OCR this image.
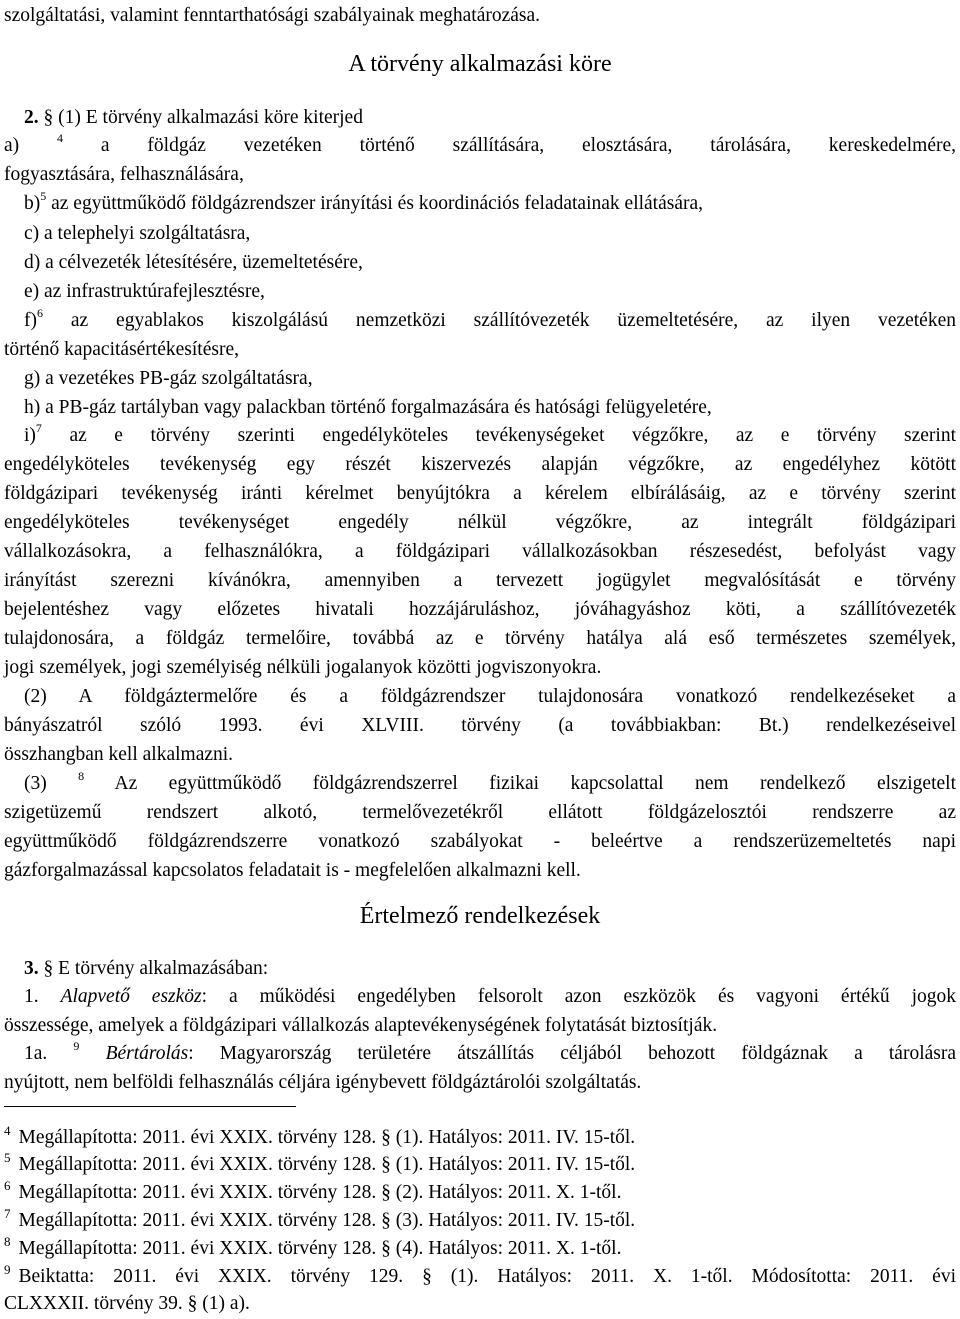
szolgáltatási, valamint fenntarthatósági szabályainak meghatározása.
A törvény alkalmazási köre
2. § (1) E törvény alkalmazási köre kiterjed
a)	$^4$ a földgáz vezetéken történő szállítására, elosztására, tárolására, kereskedelmére,
fogyasztására, felhasználására,
b)$^5$ az együttműködő földgázrendszer irányítási és koordinációs feladatainak ellátására,
c) a telephelyi szolgáltatásra,
d) a célvezeték létesítésére, üzemeltetésére,
e) az infrastruktúrafejlesztésre,
f)$^6$ az egyablakos kiszolgálású nemzetközi szállítóvezeték üzemeltetésére, az ilyen vezetéken
történő kapacitásértékesítésre,
g) a vezetékes PB-gáz szolgáltatásra,
h) a PB-gáz tartályban vagy palackban történő forgalmazására és hatósági felügyeletére,
i)$^7$ az e törvény szerinti engedélyköteles tevékenységeket végzőkre, az e törvény szerint
engedélyköteles tevékenység egy részét kiszervezés alapján végzőkre, az engedélyhez kötött
földgázipari tevékenység iránti kérelmet benyújtókra a kérelem elbírálásáig, az e törvény szerint
engedélyköteles tevékenységet engedély nélkül végzőkre, az integrált földgázipari
vállalkozásokra, a felhasználókra, a földgázipari vállalkozásokban részesedést, befolyást vagy
irányítást szerezni kívánókra, amennyiben a tervezett jogügylet megvalósítását e törvény
bejelentéshez vagy előzetes hivatali hozzájáruláshoz, jóváhagyáshoz köti, a szállítóvezeték
tulajdonosára, a földgáz termelőire, továbbá az e törvény hatálya alá eső természetes személyek,
jogi személyek, jogi személyiség nélküli jogalanyok közötti jogviszonyokra.
(2) A földgáztermelőre és a földgázrendszer tulajdonosára vonatkozó rendelkezéseket a
bányászatról szóló 1993. évi XLVIII. törvény (a továbbiakban: Bt.) rendelkezéseivel
összhangban kell alkalmazni.
(3)	$^8$ Az együttműködő földgázrendszerrel fizikai kapcsolattal nem rendelkező elszigetelt
szigetüzemű rendszert alkotó, termelővezetékről ellátott földgázelosztói rendszerre az
együttműködő földgázrendszerre vonatkozó szabályokat - beleértve a rendszerüzemeltetés napi
gázforgalmazással kapcsolatos feladatait is - megfelelően alkalmazni kell.
Értelmező rendelkezések
3. § E törvény alkalmazásában:
1. Alapvető eszköz: a működési engedélyben felsorolt azon eszközök és vagyoni értékű jogok
összessége, amelyek a földgázipari vállalkozás alaptevékenységének folytatását biztosítják.
1a. $^9$ Bértárolás: Magyarország területére átszállítás céljából behozott földgáznak a tárolásra
nyújtott, nem belföldi felhasználás céljára igénybevett földgáztárolói szolgáltatás.
$^4$ Megállapította: 2011. évi XXIX. törvény 128. § (1). Hatályos: 2011. IV. 15-től.
$^5$ Megállapította: 2011. évi XXIX. törvény 128. § (1). Hatályos: 2011. IV. 15-től.
$^6$ Megállapította: 2011. évi XXIX. törvény 128. § (2). Hatályos: 2011. X. 1-től.
$^7$ Megállapította: 2011. évi XXIX. törvény 128. § (3). Hatályos: 2011. IV. 15-től.
$^8$ Megállapította: 2011. évi XXIX. törvény 128. § (4). Hatályos: 2011. X. 1-től.
$^9$ Beiktatta: 2011. évi XXIX. törvény 129. § (1). Hatályos: 2011. X. 1-től. Módosította: 2011. évi
CLXXXII. törvény 39. § (1) a).
